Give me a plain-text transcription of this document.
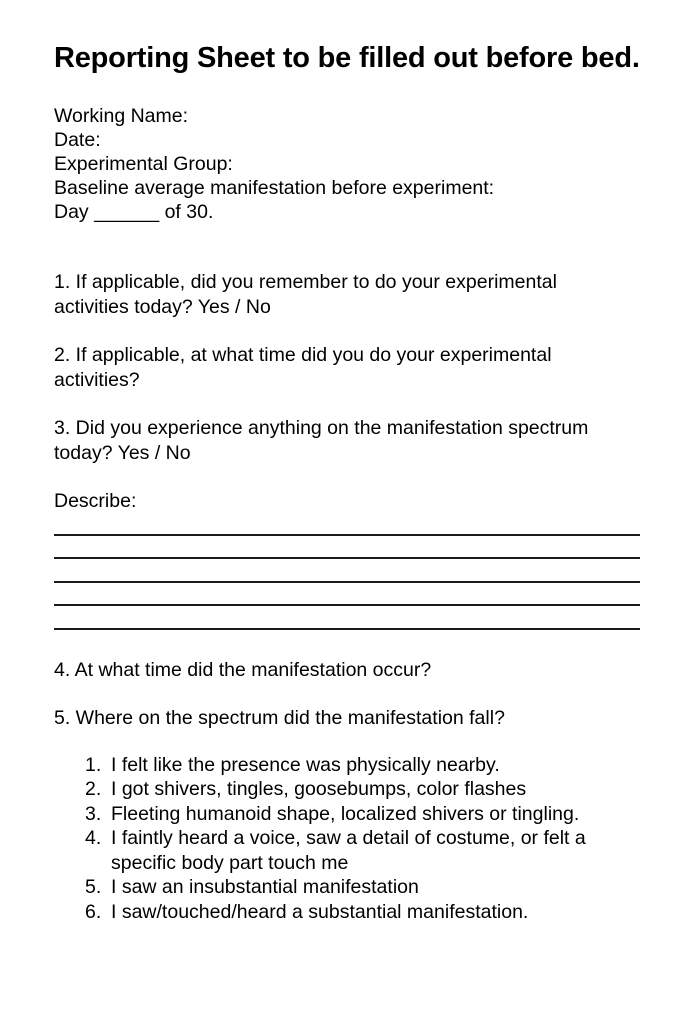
Reporting Sheet to be filled out before bed.
Working Name:
Date:
Experimental Group:
Baseline average manifestation before experiment:
Day ______ of 30.
1. If applicable, did you remember to do your experimental activities today? Yes / No
2. If applicable, at what time did you do your experimental activities?
3. Did you experience anything on the manifestation spectrum today? Yes / No
Describe:
4. At what time did the manifestation occur?
5. Where on the spectrum did the manifestation fall?
I felt like the presence was physically nearby.
I got shivers, tingles, goosebumps, color flashes
Fleeting humanoid shape, localized shivers or tingling.
I faintly heard a voice, saw a detail of costume, or felt a specific body part touch me
I saw an insubstantial manifestation
I saw/touched/heard a substantial manifestation.
